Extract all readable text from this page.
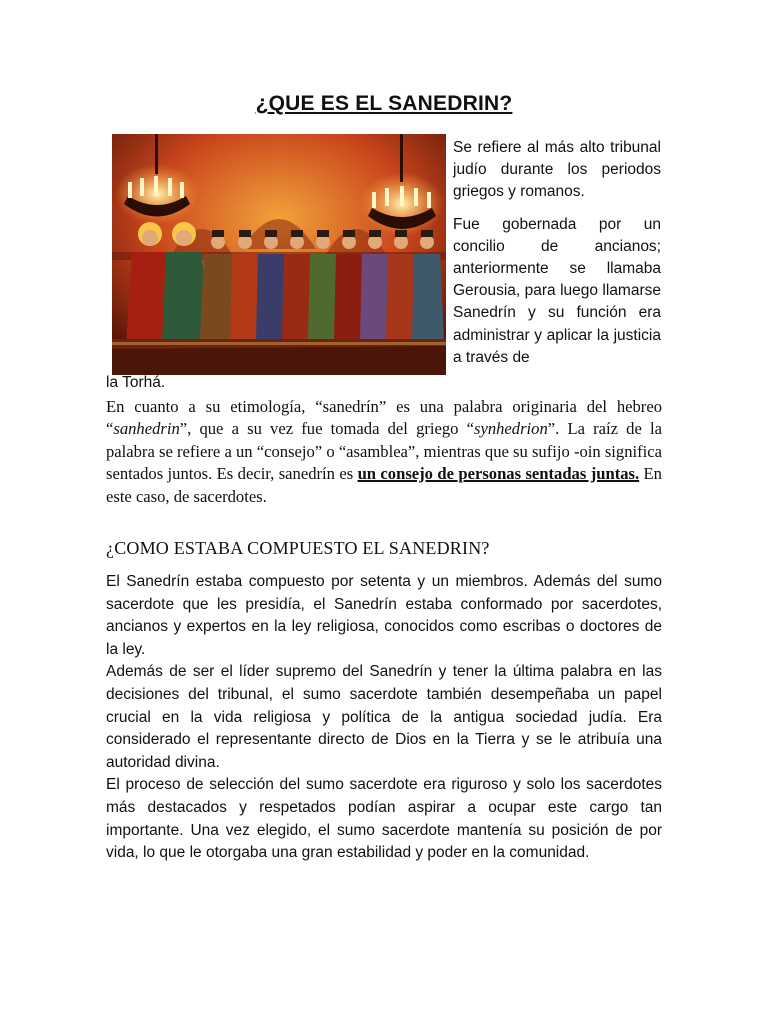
¿QUE ES EL SANEDRIN?

Se refiere al más alto tribunal judío durante los periodos griegos y romanos.

Fue gobernada por un concilio de ancianos; anteriormente se llamaba Gerousia, para luego llamarse Sanedrín y su función era administrar y aplicar la justicia a través de

la Torhá.

En cuanto a su etimología, “sanedrín” es una palabra originaria del hebreo “sanhedrin”, que a su vez fue tomada del griego “synhedrion”. La raíz de la palabra se refiere a un “consejo” o “asamblea”, mientras que su sufijo -oin significa sentados juntos. Es decir, sanedrín es un consejo de personas sentadas juntas. En este caso, de sacerdotes.

¿COMO ESTABA COMPUESTO EL SANEDRIN?

El Sanedrín estaba compuesto por setenta y un miembros. Además del sumo sacerdote que les presidía, el Sanedrín estaba conformado por sacerdotes, ancianos y expertos en la ley religiosa, conocidos como escribas o doctores de la ley.

Además de ser el líder supremo del Sanedrín y tener la última palabra en las decisiones del tribunal, el sumo sacerdote también desempeñaba un papel crucial en la vida religiosa y política de la antigua sociedad judía. Era considerado el representante directo de Dios en la Tierra y se le atribuía una autoridad divina.

El proceso de selección del sumo sacerdote era riguroso y solo los sacerdotes más destacados y respetados podían aspirar a ocupar este cargo tan importante. Una vez elegido, el sumo sacerdote mantenía su posición de por vida, lo que le otorgaba una gran estabilidad y poder en la comunidad.
